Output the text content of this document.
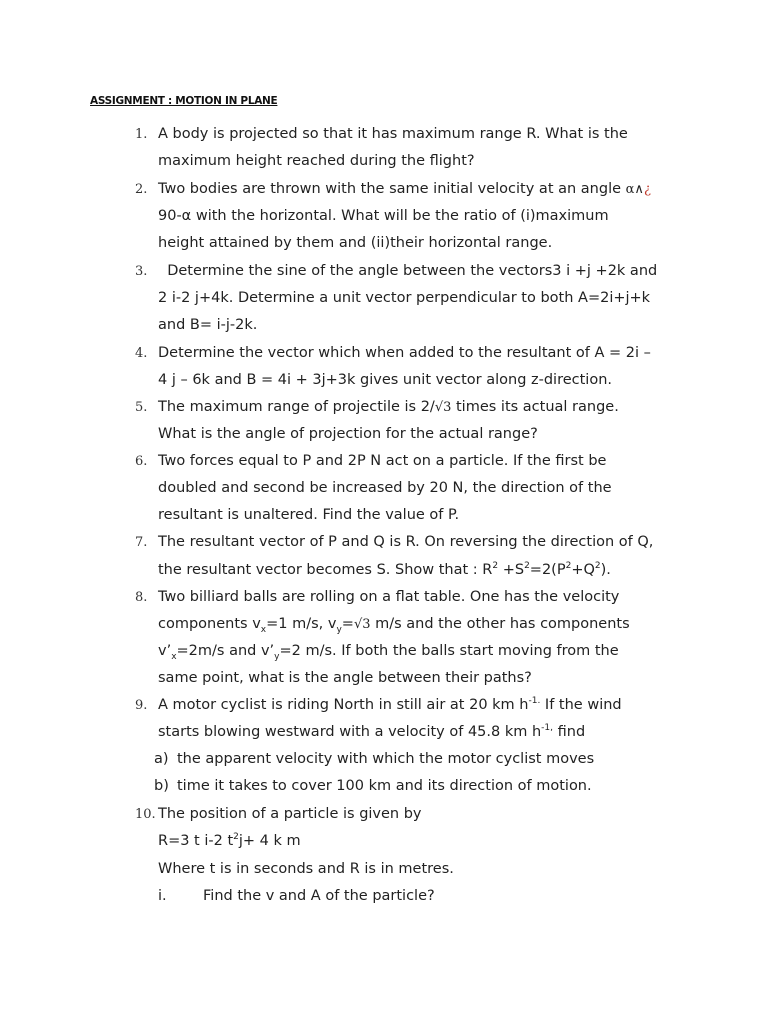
ASSIGNMENT : MOTION IN PLANE
1. A body is projected so that it has maximum range R. What is the
maximum height reached during the flight?
2. Two bodies are thrown with the same initial velocity at an angle α∧¿
90-α with the horizontal. What will be the ratio of (i)maximum
height attained by them and (ii)their horizontal range.
3. Determine the sine of the angle between the vectors3 i +j +2k and
2 i-2 j+4k. Determine a unit vector perpendicular to both A=2i+j+k
and B= i-j-2k.
4. Determine the vector which when added to the resultant of A = 2i –
4 j – 6k and B = 4i + 3j+3k gives unit vector along z-direction.
5. The maximum range of projectile is 2/√3 times its actual range.
What is the angle of projection for the actual range?
6. Two forces equal to P and 2P N act on a particle. If the first be
doubled and second be increased by 20 N, the direction of the
resultant is unaltered. Find the value of P.
7. The resultant vector of P and Q is R. On reversing the direction of Q,
the resultant vector becomes S. Show that : $R^2 +S^2=2(P^2+Q^2)$.
8. Two billiard balls are rolling on a flat table. One has the velocity
components $v_x=1$ m/s, $v_y=√3$ m/s and the other has components
$v’_x=2m/s$ and $v’_y=2$ m/s. If both the balls start moving from the
same point, what is the angle between their paths?
9. A motor cyclist is riding North in still air at 20 km $h^{-1.}$ If the wind
starts blowing westward with a velocity of 45.8 km $h^{-1,}$ find
a) the apparent velocity with which the motor cyclist moves
b) time it takes to cover 100 km and its direction of motion.
10. The position of a particle is given by
R=3 t i-2 $t^2j+ 4$ k m
Where t is in seconds and R is in metres.
i.	Find the v and A of the particle?
